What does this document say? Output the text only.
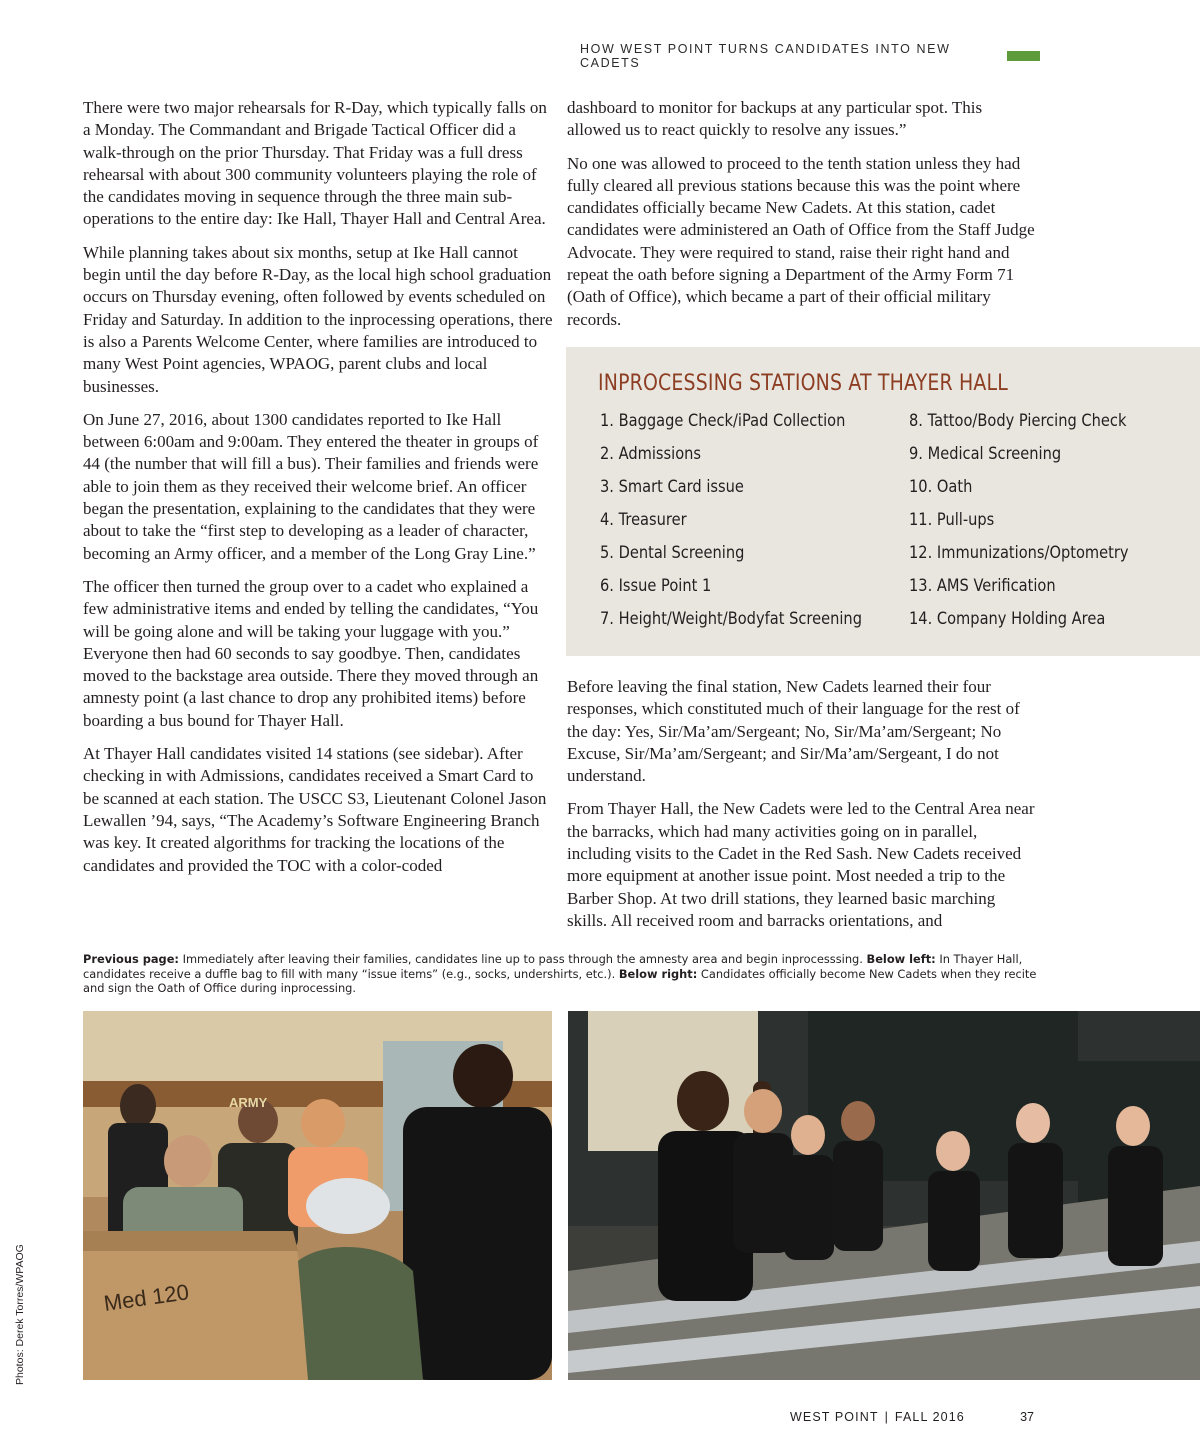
HOW WEST POINT TURNS CANDIDATES INTO NEW CADETS

There were two major rehearsals for R-Day, which typically falls on a Monday. The Commandant and Brigade Tactical Officer did a walk-through on the prior Thursday. That Friday was a full dress rehearsal with about 300 community volunteers playing the role of the candidates moving in sequence through the three main sub-operations to the entire day: Ike Hall, Thayer Hall and Central Area.

While planning takes about six months, setup at Ike Hall cannot begin until the day before R-Day, as the local high school graduation occurs on Thursday evening, often followed by events scheduled on Friday and Saturday. In addition to the inprocessing operations, there is also a Parents Welcome Center, where families are introduced to many West Point agencies, WPAOG, parent clubs and local businesses.

On June 27, 2016, about 1300 candidates reported to Ike Hall between 6:00am and 9:00am. They entered the theater in groups of 44 (the number that will fill a bus). Their families and friends were able to join them as they received their welcome brief. An officer began the presentation, explaining to the candidates that they were about to take the “first step to developing as a leader of character, becoming an Army officer, and a member of the Long Gray Line.”

The officer then turned the group over to a cadet who explained a few administrative items and ended by telling the candidates, “You will be going alone and will be taking your luggage with you.” Everyone then had 60 seconds to say goodbye. Then, candidates moved to the backstage area outside. There they moved through an amnesty point (a last chance to drop any prohibited items) before boarding a bus bound for Thayer Hall.

At Thayer Hall candidates visited 14 stations (see sidebar). After checking in with Admissions, candidates received a Smart Card to be scanned at each station. The USCC S3, Lieutenant Colonel Jason Lewallen ’94, says, “The Academy’s Software Engineering Branch was key. It created algorithms for tracking the locations of the candidates and provided the TOC with a color-coded

dashboard to monitor for backups at any particular spot. This allowed us to react quickly to resolve any issues.”

No one was allowed to proceed to the tenth station unless they had fully cleared all previous stations because this was the point where candidates officially became New Cadets. At this station, cadet candidates were administered an Oath of Office from the Staff Judge Advocate. They were required to stand, raise their right hand and repeat the oath before signing a Department of the Army Form 71 (Oath of Office), which became a part of their official military records.

INPROCESSING STATIONS AT THAYER HALL
1. Baggage Check/iPad Collection
2. Admissions
3. Smart Card issue
4. Treasurer
5. Dental Screening
6. Issue Point 1
7. Height/Weight/Bodyfat Screening
8. Tattoo/Body Piercing Check
9. Medical Screening
10. Oath
11. Pull-ups
12. Immunizations/Optometry
13. AMS Verification
14. Company Holding Area

Before leaving the final station, New Cadets learned their four responses, which constituted much of their language for the rest of the day: Yes, Sir/Ma’am/Sergeant; No, Sir/Ma’am/Sergeant; No Excuse, Sir/Ma’am/Sergeant; and Sir/Ma’am/Sergeant, I do not understand.

From Thayer Hall, the New Cadets were led to the Central Area near the barracks, which had many activities going on in parallel, including visits to the Cadet in the Red Sash. New Cadets received more equipment at another issue point. Most needed a trip to the Barber Shop. At two drill stations, they learned basic marching skills. All received room and barracks orientations, and

Previous page: Immediately after leaving their families, candidates line up to pass through the amnesty area and begin inprocesssing. Below left: In Thayer Hall, candidates receive a duffle bag to fill with many “issue items” (e.g., socks, undershirts, etc.). Below right: Candidates officially become New Cadets when they recite and sign the Oath of Office during inprocessing.
Med 120
ARMY
Photos: Derek Torres/WPAOG
WEST POINT | FALL 2016	37
